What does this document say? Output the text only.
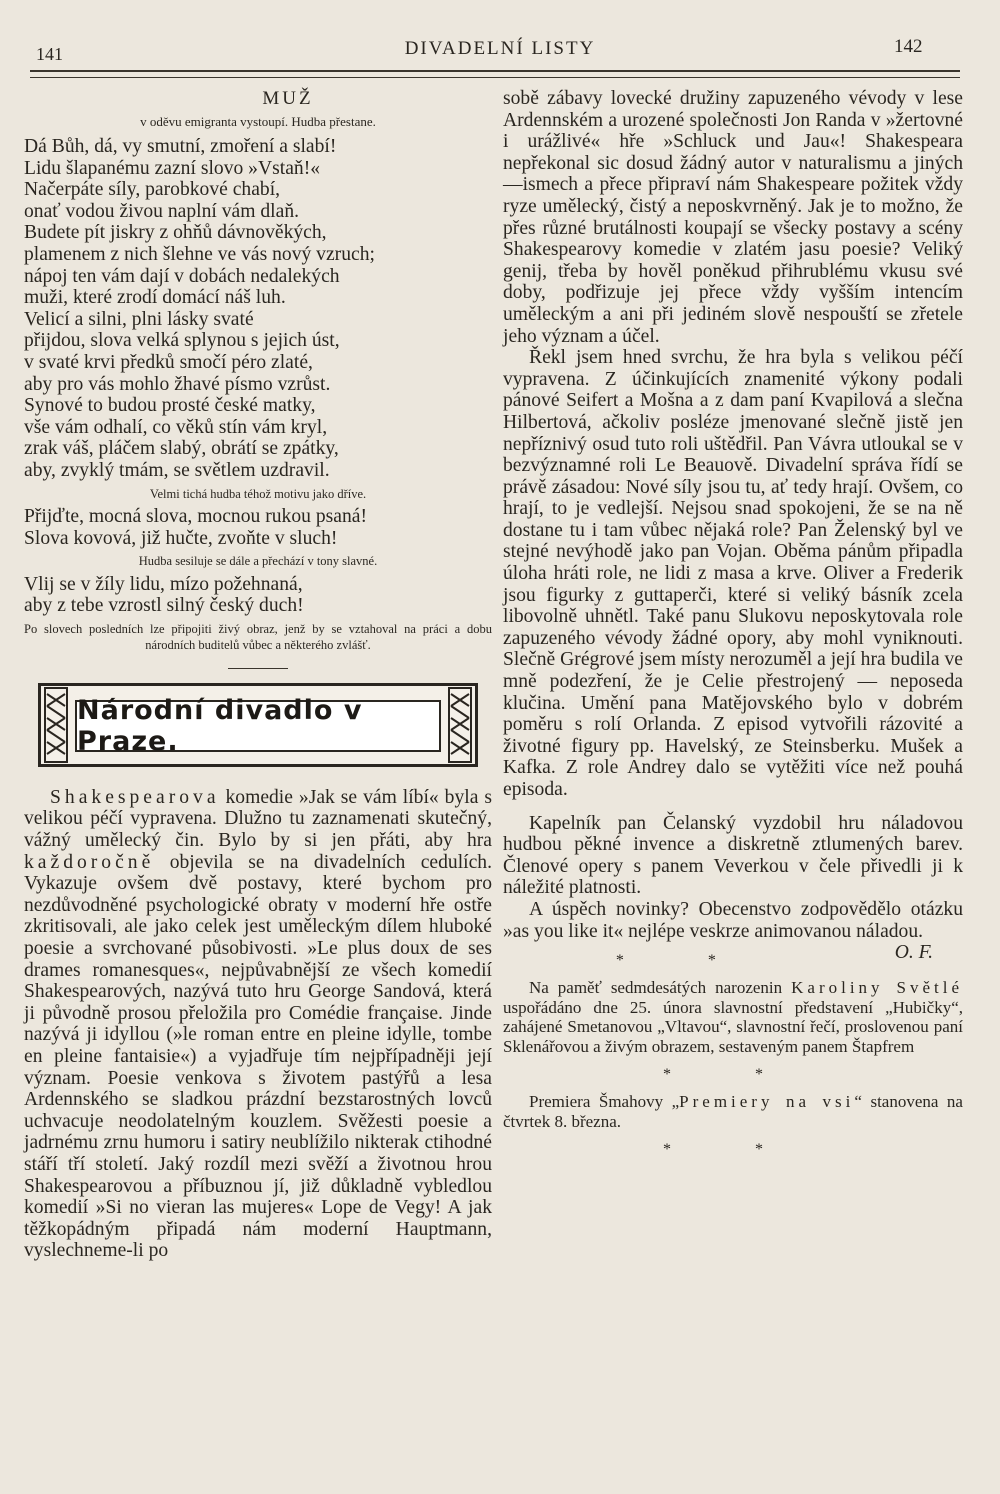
141	DIVADELNÍ LISTY	142
MUŽ
v oděvu emigranta vystoupí. Hudba přestane.

Dá Bůh, dá, vy smutní, zmoření a slabí!

Lidu šlapanému zazní slovo »Vstaň!«

Načerpáte síly, parobkové chabí,

onať vodou živou naplní vám dlaň.

Budete pít jiskry z ohňů dávnověkých,

plamenem z nich šlehne ve vás nový vzruch;

nápoj ten vám dají v dobách nedalekých

muži, které zrodí domácí náš luh.

Velicí a silni, plni lásky svaté

přijdou, slova velká splynou s jejich úst,

v svaté krvi předků smočí péro zlaté,

aby pro vás mohlo žhavé písmo vzrůst.

Synové to budou prosté české matky,

vše vám odhalí, co věků stín vám kryl,

zrak váš, pláčem slabý, obrátí se zpátky,

aby, zvyklý tmám, se světlem uzdravil.

Velmi tichá hudba téhož motivu jako dříve.

Přijďte, mocná slova, mocnou rukou psaná!

Slova kovová, již hučte, zvoňte v sluch!

Hudba sesiluje se dále a přechází v tony slavné.

Vlij se v žíly lidu, mízo požehnaná,

aby z tebe vzrostl silný český duch!

Po slovech posledních lze připojiti živý obraz, jenž by se vztahoval na práci a dobu národních buditelů vůbec a některého zvlášť.
Národní divadlo v Praze.

Shakespearova komedie »Jak se vám líbí« byla s velikou péčí vypravena. Dlužno tu zaznamenati skutečný, vážný umělecký čin. Bylo by si jen přáti, aby hra každoročně objevila se na divadelních cedulích. Vykazuje ovšem dvě postavy, které bychom pro nezdůvodněné psychologické obraty v moderní hře ostře zkritisovali, ale jako celek jest uměleckým dílem hluboké poesie a svrchované působivosti. »Le plus doux de ses drames romanesques«, nejpůvabnější ze všech komedií Shakespearových, nazývá tuto hru George Sandová, která ji původně prosou přeložila pro Comédie française. Jinde nazývá ji idyllou (»le roman entre en pleine idylle, tombe en pleine fantaisie«) a vyjadřuje tím nejpřípadněji její význam. Poesie venkova s životem pastýřů a lesa Ardennského se sladkou prázdní bezstarostných lovců uchvacuje neodolatelným kouzlem. Svěžesti poesie a jadrnému zrnu humoru i satiry neublížilo nikterak ctihodné stáří tří století. Jaký rozdíl mezi svěží a životnou hrou Shakespearovou a příbuznou jí, již důkladně vybledlou komedií »Si no vieran las mujeres« Lope de Vegy! A jak těžkopádným připadá nám moderní Hauptmann, vyslechneme-li po

sobě zábavy lovecké družiny zapuzeného vévody v lese Ardennském a urozené společnosti Jon Randa v »žertovné i urážlivé« hře »Schluck und Jau«! Shakespeara nepřekonal sic dosud žádný autor v naturalismu a jiných —ismech a přece připraví nám Shakespeare požitek vždy ryze umělecký, čistý a neposkvrněný. Jak je to možno, že přes různé brutálnosti koupají se všecky postavy a scény Shakespearovy komedie v zlatém jasu poesie? Veliký genij, třeba by hověl poněkud přihrublému vkusu své doby, podřizuje jej přece vždy vyšším intencím uměleckým a ani při jediném slově nespouští se zřetele jeho význam a účel.

Řekl jsem hned svrchu, že hra byla s velikou péčí vypravena. Z účinkujících znamenité výkony podali pánové Seifert a Mošna a z dam paní Kvapilová a slečna Hilbertová, ačkoliv posléze jmenované slečně jistě jen nepříznivý osud tuto roli uštědřil. Pan Vávra utloukal se v bezvýznamné roli Le Beauově. Divadelní správa řídí se právě zásadou: Nové síly jsou tu, ať tedy hrají. Ovšem, co hrají, to je vedlejší. Nejsou snad spokojeni, že se na ně dostane tu i tam vůbec nějaká role? Pan Želenský byl ve stejné nevýhodě jako pan Vojan. Oběma pánům připadla úloha hráti role, ne lidi z masa a krve. Oliver a Frederik jsou figurky z guttaperči, které si veliký básník zcela libovolně uhnětl. Také panu Slukovu neposkytovala role zapuzeného vévody žádné opory, aby mohl vyniknouti. Slečně Grégrové jsem místy nerozuměl a její hra budila ve mně podezření, že je Celie přestrojený — neposeda klučina. Umění pana Matějovského bylo v dobrém poměru s rolí Orlanda. Z episod vytvořili rázovité a životné figury pp. Havelský, ze Steinsberku. Mušek a Kafka. Z role Andrey dalo se vytěžiti více než pouhá episoda.

Kapelník pan Čelanský vyzdobil hru náladovou hudbou pěkné invence a diskretně ztlumených barev. Členové opery s panem Veverkou v čele přivedli ji k náležité platnosti.

A úspěch novinky? Obecenstvo zodpovědělo otázku »as you like it« nejlépe veskrze animovanou náladou.
O. F.

* *

Na paměť sedmdesátých narozenin Karoliny Světlé uspořádáno dne 25. února slavnostní představení „Hubičky“, zahájené Smetanovou „Vltavou“, slavnostní řečí, proslovenou paní Sklenářovou a živým obrazem, sestaveným panem Štapfrem

* *

Premiera Šmahovy „Premiery na vsi“ stanovena na čtvrtek 8. března.

* *
